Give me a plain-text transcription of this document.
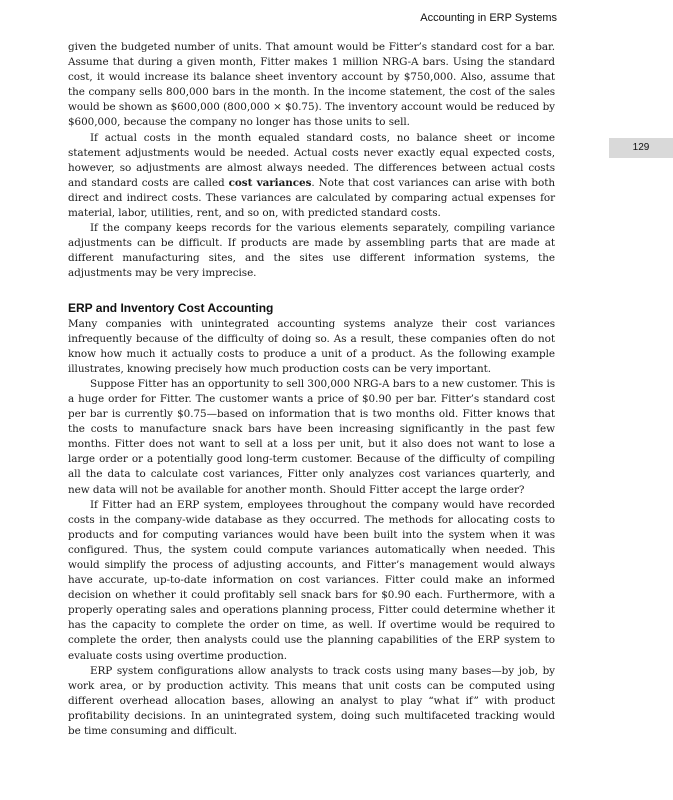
Accounting in ERP Systems
129

given the budgeted number of units. That amount would be Fitter’s standard cost for a bar. Assume that during a given month, Fitter makes 1 million NRG-A bars. Using the standard cost, it would increase its balance sheet inventory account by $750,000. Also, assume that the company sells 800,000 bars in the month. In the income statement, the cost of the sales would be shown as $600,000 (800,000 × $0.75). The inventory account would be reduced by $600,000, because the company no longer has those units to sell.

If actual costs in the month equaled standard costs, no balance sheet or income statement adjustments would be needed. Actual costs never exactly equal expected costs, however, so adjustments are almost always needed. The differences between actual costs and standard costs are called cost variances. Note that cost variances can arise with both direct and indirect costs. These variances are calculated by comparing actual expenses for material, labor, utilities, rent, and so on, with predicted standard costs.

If the company keeps records for the various elements separately, compiling variance adjustments can be difficult. If products are made by assembling parts that are made at different manufacturing sites, and the sites use different information systems, the adjustments may be very imprecise.

ERP and Inventory Cost Accounting

Many companies with unintegrated accounting systems analyze their cost variances infrequently because of the difficulty of doing so. As a result, these companies often do not know how much it actually costs to produce a unit of a product. As the following example illustrates, knowing precisely how much production costs can be very important.

Suppose Fitter has an opportunity to sell 300,000 NRG-A bars to a new customer. This is a huge order for Fitter. The customer wants a price of $0.90 per bar. Fitter’s standard cost per bar is currently $0.75—based on information that is two months old. Fitter knows that the costs to manufacture snack bars have been increasing significantly in the past few months. Fitter does not want to sell at a loss per unit, but it also does not want to lose a large order or a potentially good long-term customer. Because of the difficulty of compiling all the data to calculate cost variances, Fitter only analyzes cost variances quarterly, and new data will not be available for another month. Should Fitter accept the large order?

If Fitter had an ERP system, employees throughout the company would have recorded costs in the company-wide database as they occurred. The methods for allocating costs to products and for computing variances would have been built into the system when it was configured. Thus, the system could compute variances automatically when needed. This would simplify the process of adjusting accounts, and Fitter’s management would always have accurate, up-to-date information on cost variances. Fitter could make an informed decision on whether it could profitably sell snack bars for $0.90 each. Furthermore, with a properly operating sales and operations planning process, Fitter could determine whether it has the capacity to complete the order on time, as well. If overtime would be required to complete the order, then analysts could use the planning capabilities of the ERP system to evaluate costs using overtime production.

ERP system configurations allow analysts to track costs using many bases—by job, by work area, or by production activity. This means that unit costs can be computed using different overhead allocation bases, allowing an analyst to play “what if” with product profitability decisions. In an unintegrated system, doing such multifaceted tracking would be time consuming and difficult.
